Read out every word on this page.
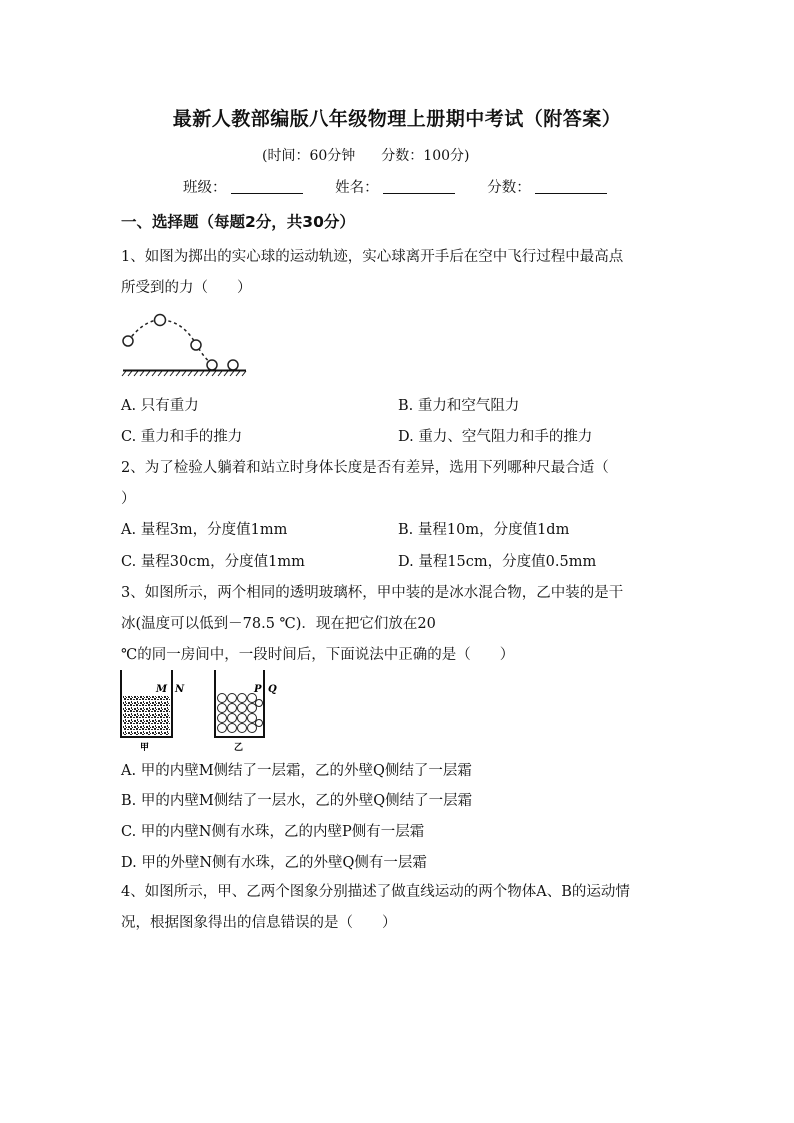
最新人教部编版八年级物理上册期中考试（附答案）
(时间：60分钟 分数：100分)
班级：	姓名：	分数：
一、选择题（每题2分，共30分）
1、如图为掷出的实心球的运动轨迹，实心球离开手后在空中飞行过程中最高点
所受到的力（　　）
A. 只有重力	B. 重力和空气阻力
C. 重力和手的推力	D. 重力、空气阻力和手的推力
2、为了检验人躺着和站立时身体长度是否有差异，选用下列哪种尺最合适（
）
A. 量程3m，分度值1mm	B. 量程10m，分度值1dm
C. 量程30cm，分度值1mm	D. 量程15cm，分度值0.5mm
3、如图所示，两个相同的透明玻璃杯，甲中装的是冰水混合物，乙中装的是干
冰(温度可以低到－78.5 ℃)．现在把它们放在20
℃的同一房间中，一段时间后，下面说法中正确的是（　　）
M N
甲
P Q
乙
A. 甲的内壁M侧结了一层霜，乙的外壁Q侧结了一层霜
B. 甲的内壁M侧结了一层水，乙的外壁Q侧结了一层霜
C. 甲的内壁N侧有水珠，乙的内壁P侧有一层霜
D. 甲的外壁N侧有水珠，乙的外壁Q侧有一层霜
4、如图所示，甲、乙两个图象分别描述了做直线运动的两个物体A、B的运动情
况，根据图象得出的信息错误的是（　　）
